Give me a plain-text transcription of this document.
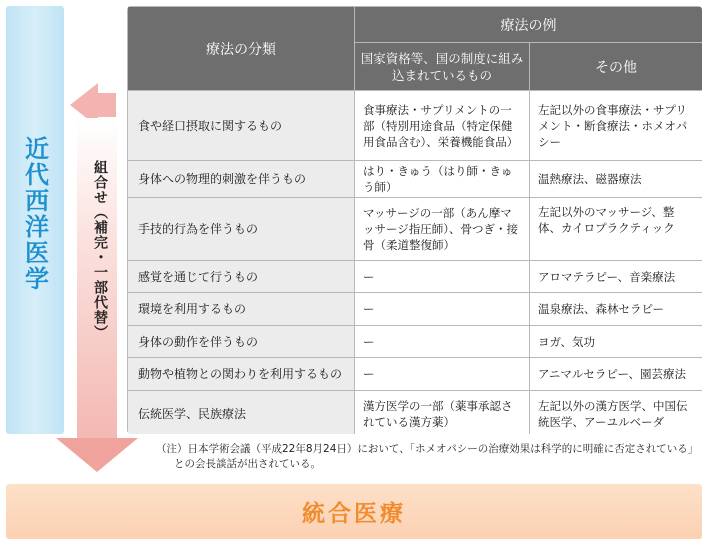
近代西洋医学	組合せ（補完・一部代替）
療法の分類	療法の例	
	国家資格等、国の制度に組み込まれているもの	その他
食や経口摂取に関するもの	食事療法・サプリメントの一部（特別用途食品（特定保健用食品含む）、栄養機能食品）	左記以外の食事療法・サプリメント・断食療法・ホメオパシー
身体への物理的刺激を伴うもの	はり・きゅう（はり師・きゅう師）	温熱療法、磁器療法
手技的行為を伴うもの	マッサージの一部（あん摩マッサージ指圧師）、骨つぎ・接骨（柔道整復師）	左記以外のマッサージ、整体、カイロプラクティック
感覚を通じて行うもの	ー	アロマテラピー、音楽療法
環境を利用するもの	ー	温泉療法、森林セラピー
身体の動作を伴うもの	ー	ヨガ、気功
動物や植物との関わりを利用するもの	ー	アニマルセラピー、園芸療法
伝統医学、民族療法	漢方医学の一部（薬事承認されている漢方薬）	左記以外の漢方医学、中国伝統医学、アーユルベーダ
（注）日本学術会議（平成22年8月24日）において、「ホメオパシーの治療効果は科学的に明確に否定されている」
との会長談話が出されている。
統合医療
